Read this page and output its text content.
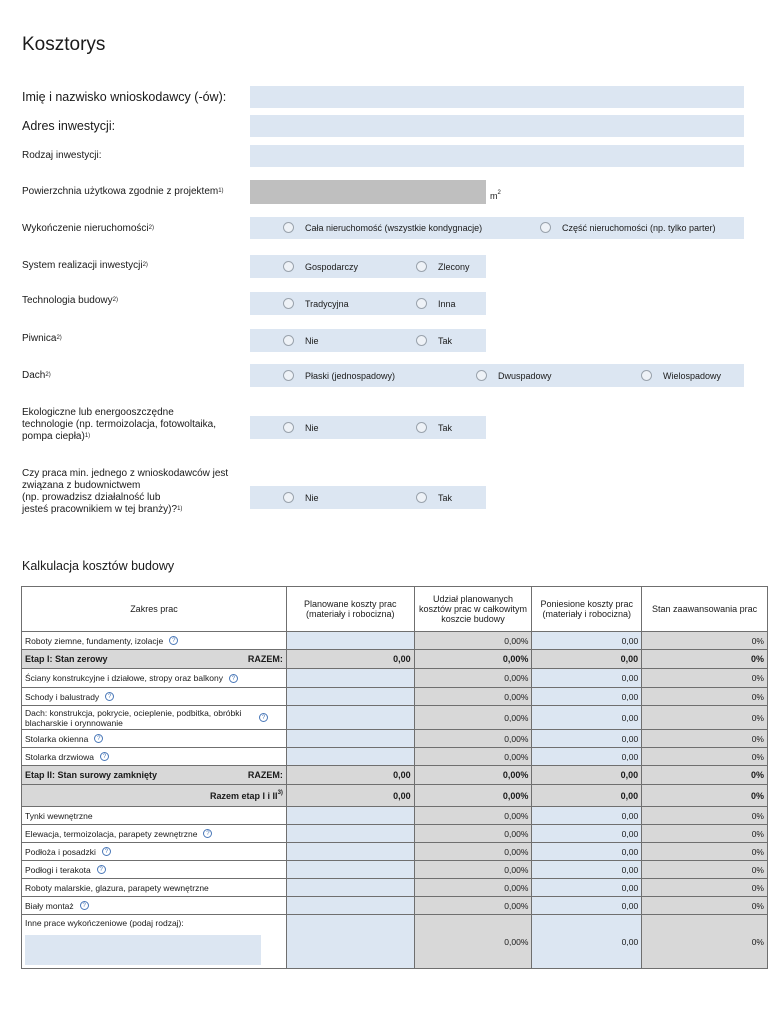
Kosztorys
Imię i nazwisko wnioskodawcy (-ów):
Adres inwestycji:
Rodzaj inwestycji:
Powierzchnia użytkowa zgodnie z projektem$^{1)}$	$m^2$
Wykończenie nieruchomości$^{2)}$	Cała nieruchomość (wszystkie kondygnacje)	Część nieruchomości (np. tylko parter)
System realizacji inwestycji$^{2)}$	Gospodarczy	Zlecony
Technologia budowy$^{2)}$	Tradycyjna	Inna
Piwnica$^{2)}$	Nie	Tak
Dach$^{2)}$	Płaski (jednospadowy)	Dwuspadowy	Wielospadowy
Ekologiczne lub energooszczędne
technologie (np. termoizolacja, fotowoltaika,
pompa ciepła)$^{1)}$
Nie	Tak
Czy praca min. jednego z wnioskodawców jest
związana z budownictwem
(np. prowadzisz działalność lub
jesteś pracownikiem w tej branży)?$^{1)}$
Nie	Tak
Kalkulacja kosztów budowy
Zakres prac	Planowane koszty prac (materiały i robocizna)	Udział planowanych kosztów prac w całkowitym koszcie budowy	Poniesione koszty prac (materiały i robocizna)	Stan zaawansowania prac

Roboty ziemne, fundamenty, izolacje ?		0,00%	0,00	0%

Etap I: Stan zerowy RAZEM:	0,00	0,00%	0,00	0%

Ściany konstrukcyjne i działowe, stropy oraz balkony ?		0,00%	0,00	0%

Schody i balustrady ?		0,00%	0,00	0%

Dach: konstrukcja, pokrycie, ocieplenie, podbitka, obróbki blacharskie i orynnowanie ?		0,00%	0,00	0%

Stolarka okienna ?		0,00%	0,00	0%

Stolarka drzwiowa ?		0,00%	0,00	0%

Etap II: Stan surowy zamknięty RAZEM:	0,00	0,00%	0,00	0%
Razem etap I i II$^{3)}$	0,00	0,00%	0,00	0%

Tynki wewnętrzne		0,00%	0,00	0%

Elewacja, termoizolacja, parapety zewnętrzne ?		0,00%	0,00	0%

Podłoża i posadzki ?		0,00%	0,00	0%

Podłogi i terakota ?		0,00%	0,00	0%

Roboty malarskie, glazura, parapety wewnętrzne		0,00%	0,00	0%

Biały montaż ?		0,00%	0,00	0%

Inne prace wykończeniowe (podaj rodzaj):		0,00%	0,00	0%
